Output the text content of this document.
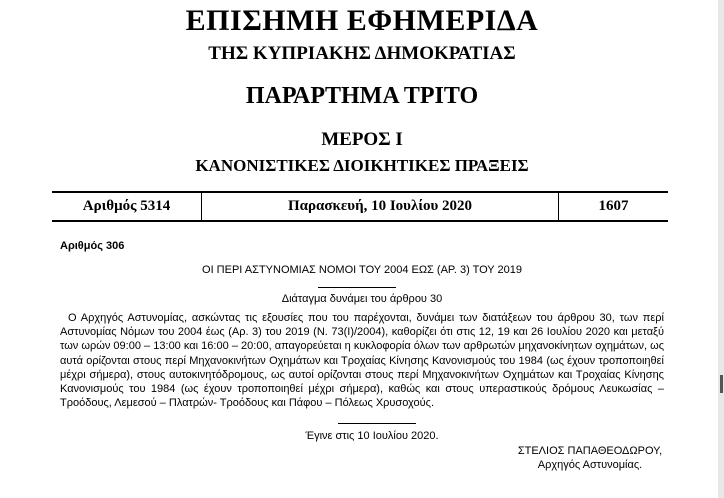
ΕΠΙΣΗΜΗ ΕΦΗΜΕΡΙΔΑ
ΤΗΣ ΚΥΠΡΙΑΚΗΣ ΔΗΜΟΚΡΑΤΙΑΣ
ΠΑΡΑΡΤΗΜΑ ΤΡΙΤΟ
ΜΕΡΟΣ Ι
ΚΑΝΟΝΙΣΤΙΚΕΣ ΔΙΟΙΚΗΤΙΚΕΣ ΠΡΑΞΕΙΣ
Αριθμός 5314	Παρασκευή, 10 Ιουλίου 2020	1607
Αριθμός 306
ΟΙ ΠΕΡΙ ΑΣΤΥΝΟΜΙΑΣ ΝΟΜΟΙ ΤΟΥ 2004 ΕΩΣ (ΑΡ. 3) ΤΟΥ 2019
Διάταγμα δυνάμει του άρθρου 30

Ο Αρχηγός Αστυνομίας, ασκώντας τις εξουσίες που του παρέχονται, δυνάμει των διατάξεων του άρθρου 30, των περί Αστυνομίας Νόμων του 2004 έως (Αρ. 3) του 2019 (Ν. 73(Ι)/2004), καθορίζει ότι στις 12, 19 και 26 Ιουλίου 2020 και μεταξύ των ωρών 09:00 – 13:00 και 16:00 – 20:00, απαγορεύεται η κυκλοφορία όλων των αρθρωτών μηχανοκίνητων οχημάτων, ως αυτά ορίζονται στους περί Μηχανοκινήτων Οχημάτων και Τροχαίας Κίνησης Κανονισμούς του 1984 (ως έχουν τροποποιηθεί μέχρι σήμερα), στους αυτοκινητόδρομους, ως αυτοί ορίζονται στους περί Μηχανοκινήτων Οχημάτων και Τροχαίας Κίνησης Κανονισμούς του 1984 (ως έχουν τροποποιηθεί μέχρι σήμερα), καθώς και στους υπεραστικούς δρόμους Λευκωσίας – Τροόδους, Λεμεσού – Πλατρών- Τροόδους και Πάφου – Πόλεως Χρυσοχούς.

Έγινε στις 10 Ιουλίου 2020.
ΣΤΕΛΙΟΣ ΠΑΠΑΘΕΟΔΩΡΟΥ,
Αρχηγός Αστυνομίας.
